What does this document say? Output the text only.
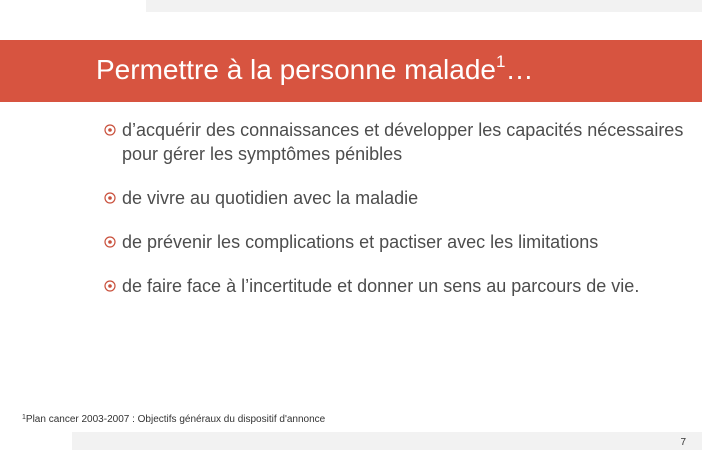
Permettre à la personne malade$^1$…
d’acquérir des connaissances et développer les capacités nécessaires pour gérer les symptômes pénibles
de vivre au quotidien avec la maladie
de prévenir les complications et pactiser avec les limitations
de faire face à l’incertitude et donner un sens au parcours de vie.
$^1$Plan cancer 2003-2007 : Objectifs généraux du dispositif d'annonce
7
